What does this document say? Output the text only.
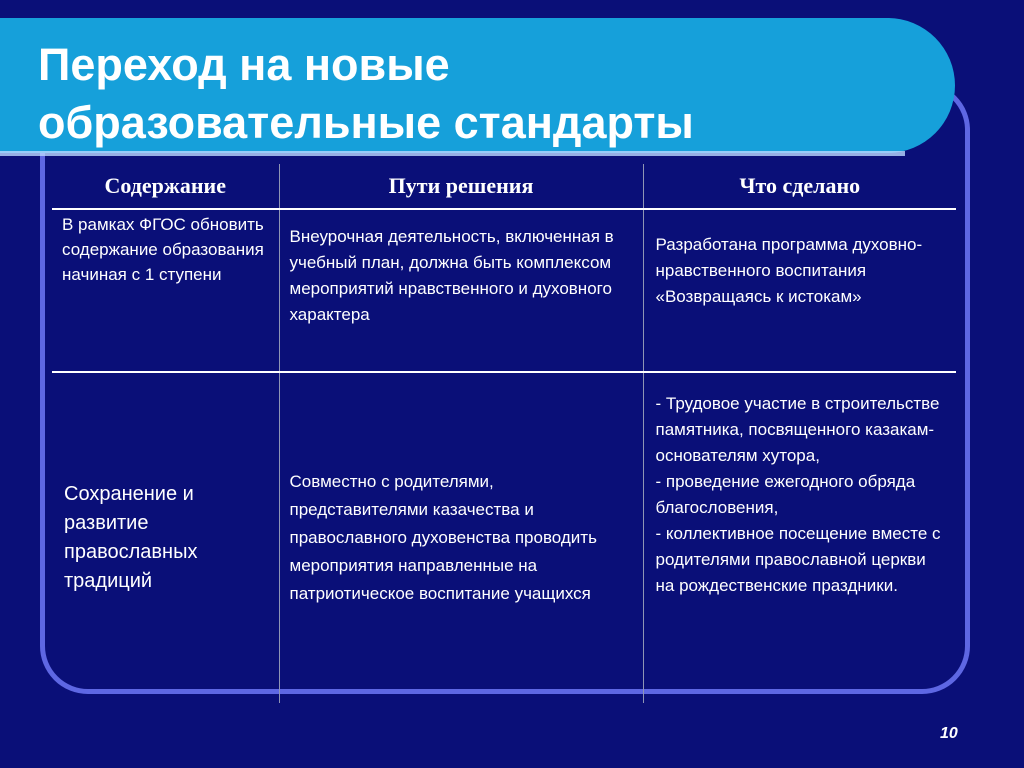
Переход на новые
образовательные стандарты
Содержание	Пути решения	Что сделано
В рамках ФГОС обновить содержание образования начиная с 1 ступени	Внеурочная деятельность, включенная в учебный план, должна быть комплексом мероприятий нравственного и духовного характера	Разработана программа духовно-нравственного воспитания «Возвращаясь к истокам»
Сохранение и развитие православных традиций	Совместно с родителями, представителями казачества и православного духовенства проводить мероприятия направленные на патриотическое воспитание учащихся	- Трудовое участие в строительстве памятника, посвященного казакам-основателям хутора,
- проведение ежегодного обряда благословения,
- коллективное посещение вместе с родителями православной церкви на рождественские праздники.
10
